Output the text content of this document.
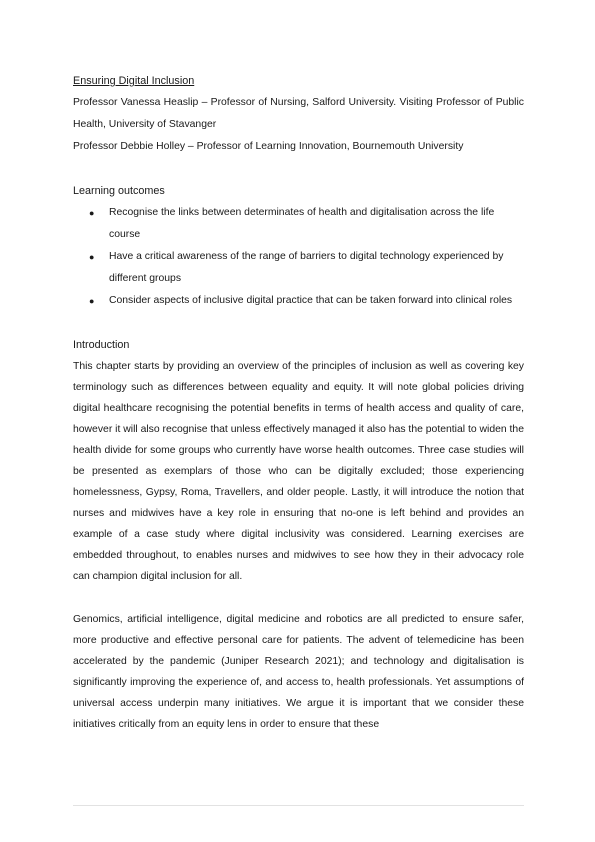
Ensuring Digital Inclusion
Professor Vanessa Heaslip – Professor of Nursing, Salford University. Visiting Professor of Public Health, University of Stavanger
Professor Debbie Holley – Professor of Learning Innovation, Bournemouth University
Learning outcomes
● Recognise the links between determinates of health and digitalisation across the life course
● Have a critical awareness of the range of barriers to digital technology experienced by different groups
● Consider aspects of inclusive digital practice that can be taken forward into clinical roles
Introduction

This chapter starts by providing an overview of the principles of inclusion as well as covering key terminology such as differences between equality and equity. It will note global policies driving digital healthcare recognising the potential benefits in terms of health access and quality of care, however it will also recognise that unless effectively managed it also has the potential to widen the health divide for some groups who currently have worse health outcomes. Three case studies will be presented as exemplars of those who can be digitally excluded; those experiencing homelessness, Gypsy, Roma, Travellers, and older people. Lastly, it will introduce the notion that nurses and midwives have a key role in ensuring that no-one is left behind and provides an example of a case study where digital inclusivity was considered. Learning exercises are embedded throughout, to enables nurses and midwives to see how they in their advocacy role can champion digital inclusion for all.

Genomics, artificial intelligence, digital medicine and robotics are all predicted to ensure safer, more productive and effective personal care for patients. The advent of telemedicine has been accelerated by the pandemic (Juniper Research 2021); and technology and digitalisation is significantly improving the experience of, and access to, health professionals. Yet assumptions of universal access underpin many initiatives. We argue it is important that we consider these initiatives critically from an equity lens in order to ensure that these
